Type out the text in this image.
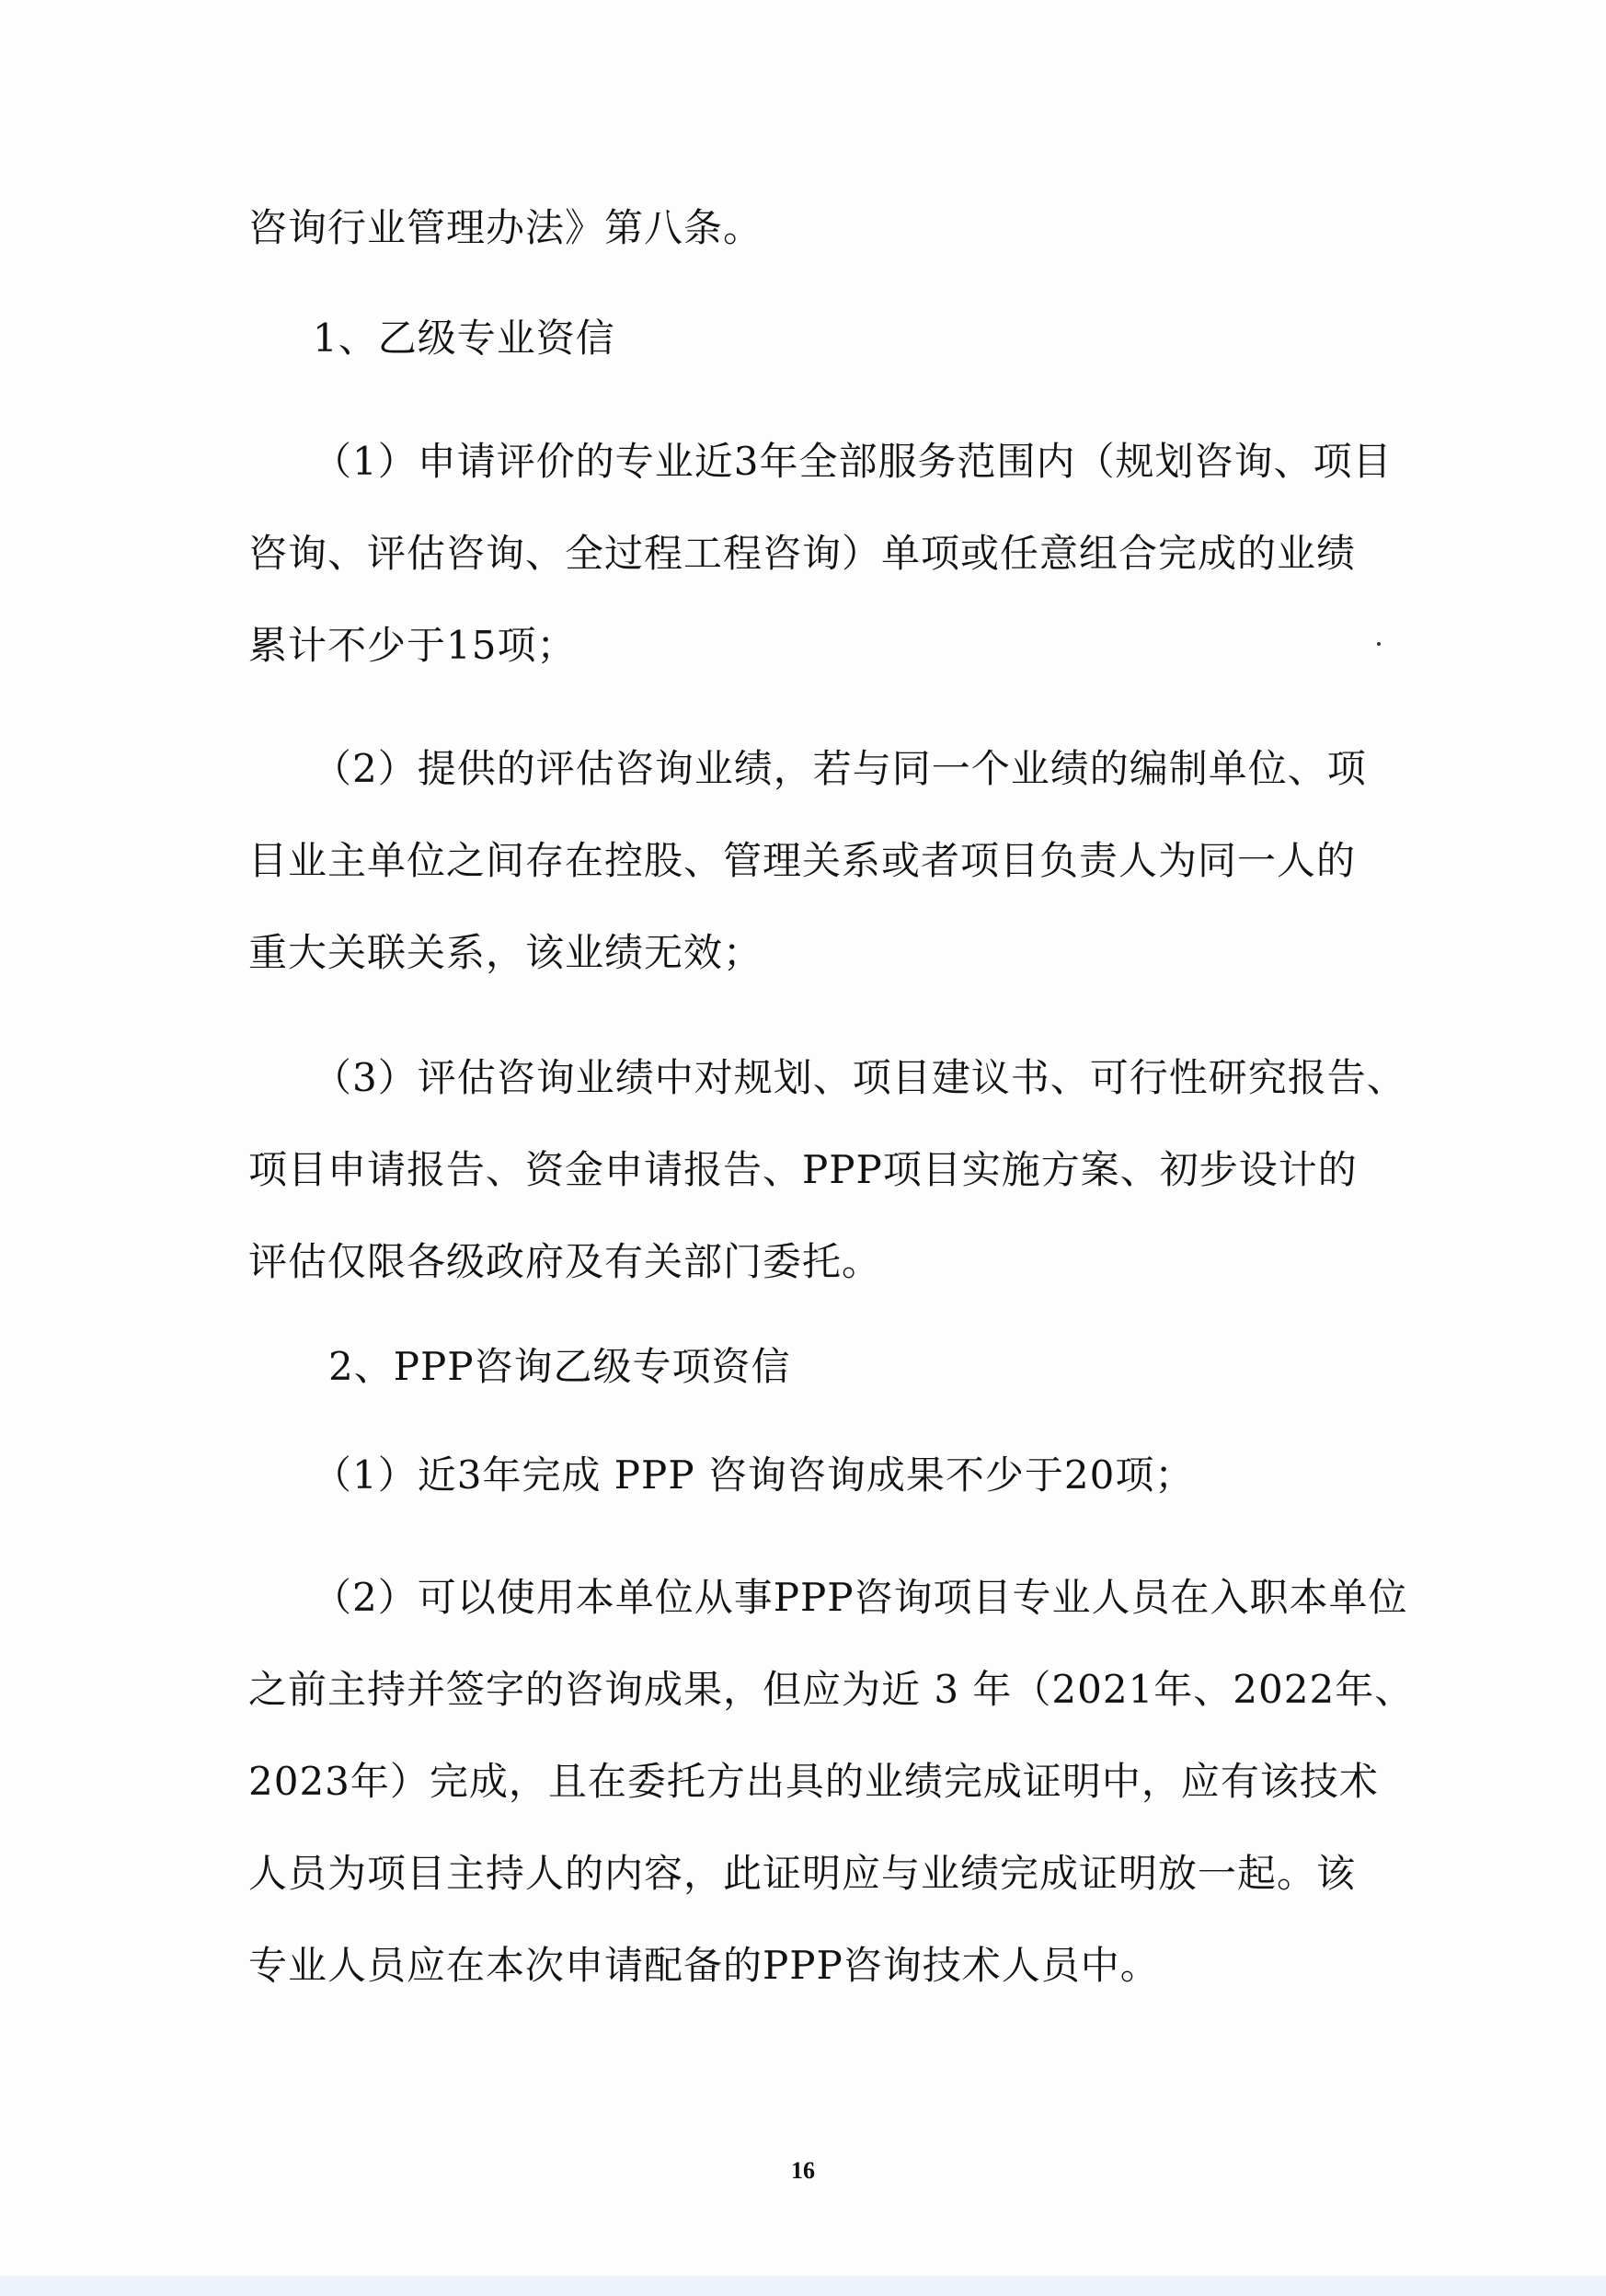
咨询行业管理办法》第八条。
1、乙级专业资信
（1）申请评价的专业近3年全部服务范围内（规划咨询、项目
咨询、评估咨询、全过程工程咨询）单项或任意组合完成的业绩
累计不少于15项；
（2）提供的评估咨询业绩，若与同一个业绩的编制单位、项
目业主单位之间存在控股、管理关系或者项目负责人为同一人的
重大关联关系，该业绩无效；
（3）评估咨询业绩中对规划、项目建议书、可行性研究报告、
项目申请报告、资金申请报告、PPP项目实施方案、初步设计的
评估仅限各级政府及有关部门委托。
2、PPP咨询乙级专项资信
（1）近3年完成 PPP 咨询咨询成果不少于20项；
（2）可以使用本单位从事PPP咨询项目专业人员在入职本单位
之前主持并签字的咨询成果，但应为近 3 年（2021年、2022年、
2023年）完成，且在委托方出具的业绩完成证明中，应有该技术
人员为项目主持人的内容，此证明应与业绩完成证明放一起。该
专业人员应在本次申请配备的PPP咨询技术人员中。
16
